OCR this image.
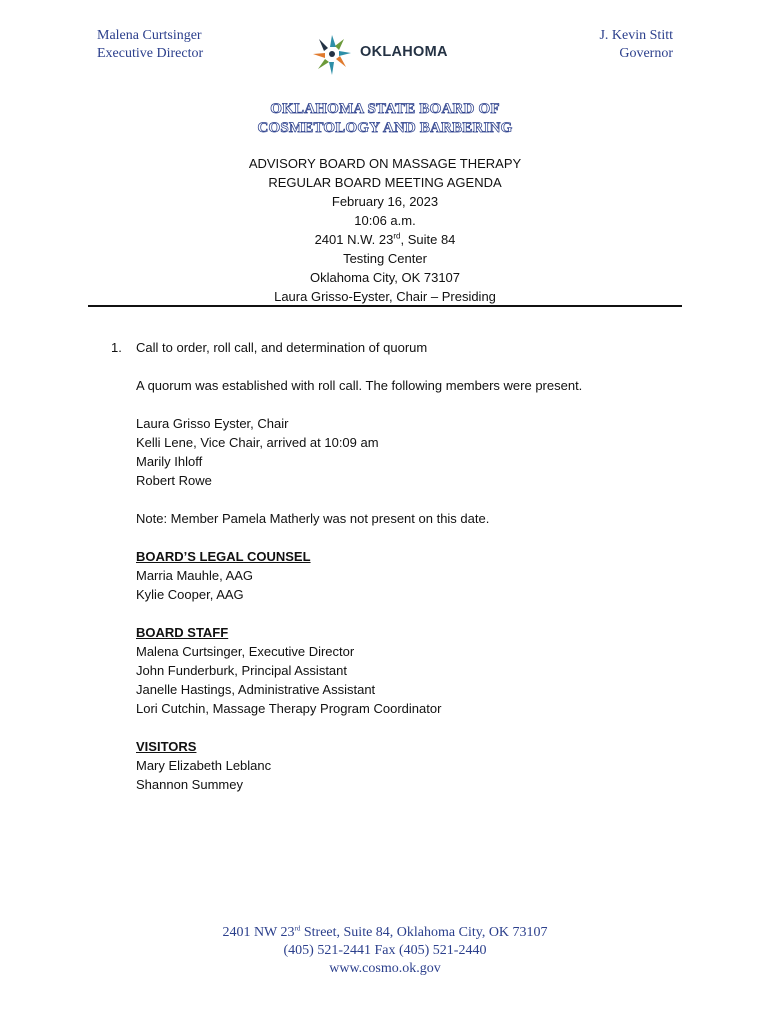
Malena Curtsinger
Executive Director	OKLAHOMA
J. Kevin Stitt
Governor
OKLAHOMA STATE BOARD OF
COSMETOLOGY AND BARBERING
ADVISORY BOARD ON MASSAGE THERAPY
REGULAR BOARD MEETING AGENDA
February 16, 2023
10:06 a.m.
2401 N.W. 23rd, Suite 84
Testing Center
Oklahoma City, OK 73107
Laura Grisso-Eyster, Chair – Presiding
1.	Call to order, roll call, and determination of quorum
A quorum was established with roll call. The following members were present.
Laura Grisso Eyster, Chair
Kelli Lene, Vice Chair, arrived at 10:09 am
Marily Ihloff
Robert Rowe
Note: Member Pamela Matherly was not present on this date.
BOARD’S LEGAL COUNSEL
Marria Mauhle, AAG
Kylie Cooper, AAG
BOARD STAFF
Malena Curtsinger, Executive Director
John Funderburk, Principal Assistant
Janelle Hastings, Administrative Assistant
Lori Cutchin, Massage Therapy Program Coordinator
VISITORS
Mary Elizabeth Leblanc
Shannon Summey
2401 NW 23rd Street, Suite 84, Oklahoma City, OK 73107
(405) 521-2441 Fax (405) 521-2440
www.cosmo.ok.gov
